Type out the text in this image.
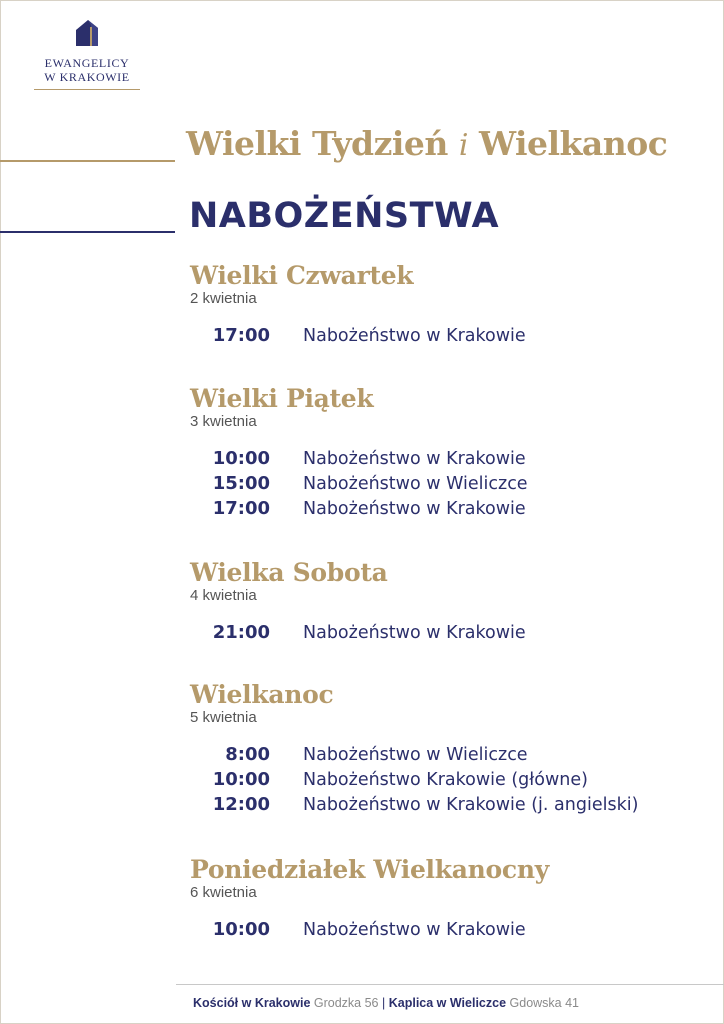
EWANGELICY
W KRAKOWIE
Wielki Tydzień i Wielkanoc
NABOŻEŃSTWA
Wielki Czwartek
2 kwietnia
17:00 Nabożeństwo w Krakowie
Wielki Piątek
3 kwietnia
10:00 Nabożeństwo w Krakowie
15:00 Nabożeństwo w Wieliczce
17:00 Nabożeństwo w Krakowie
Wielka Sobota
4 kwietnia
21:00 Nabożeństwo w Krakowie
Wielkanoc
5 kwietnia
8:00 Nabożeństwo w Wieliczce
10:00 Nabożeństwo Krakowie (główne)
12:00 Nabożeństwo w Krakowie (j. angielski)
Poniedziałek Wielkanocny
6 kwietnia
10:00 Nabożeństwo w Krakowie
Kościół w Krakowie Grodzka 56 | Kaplica w Wieliczce Gdowska 41
